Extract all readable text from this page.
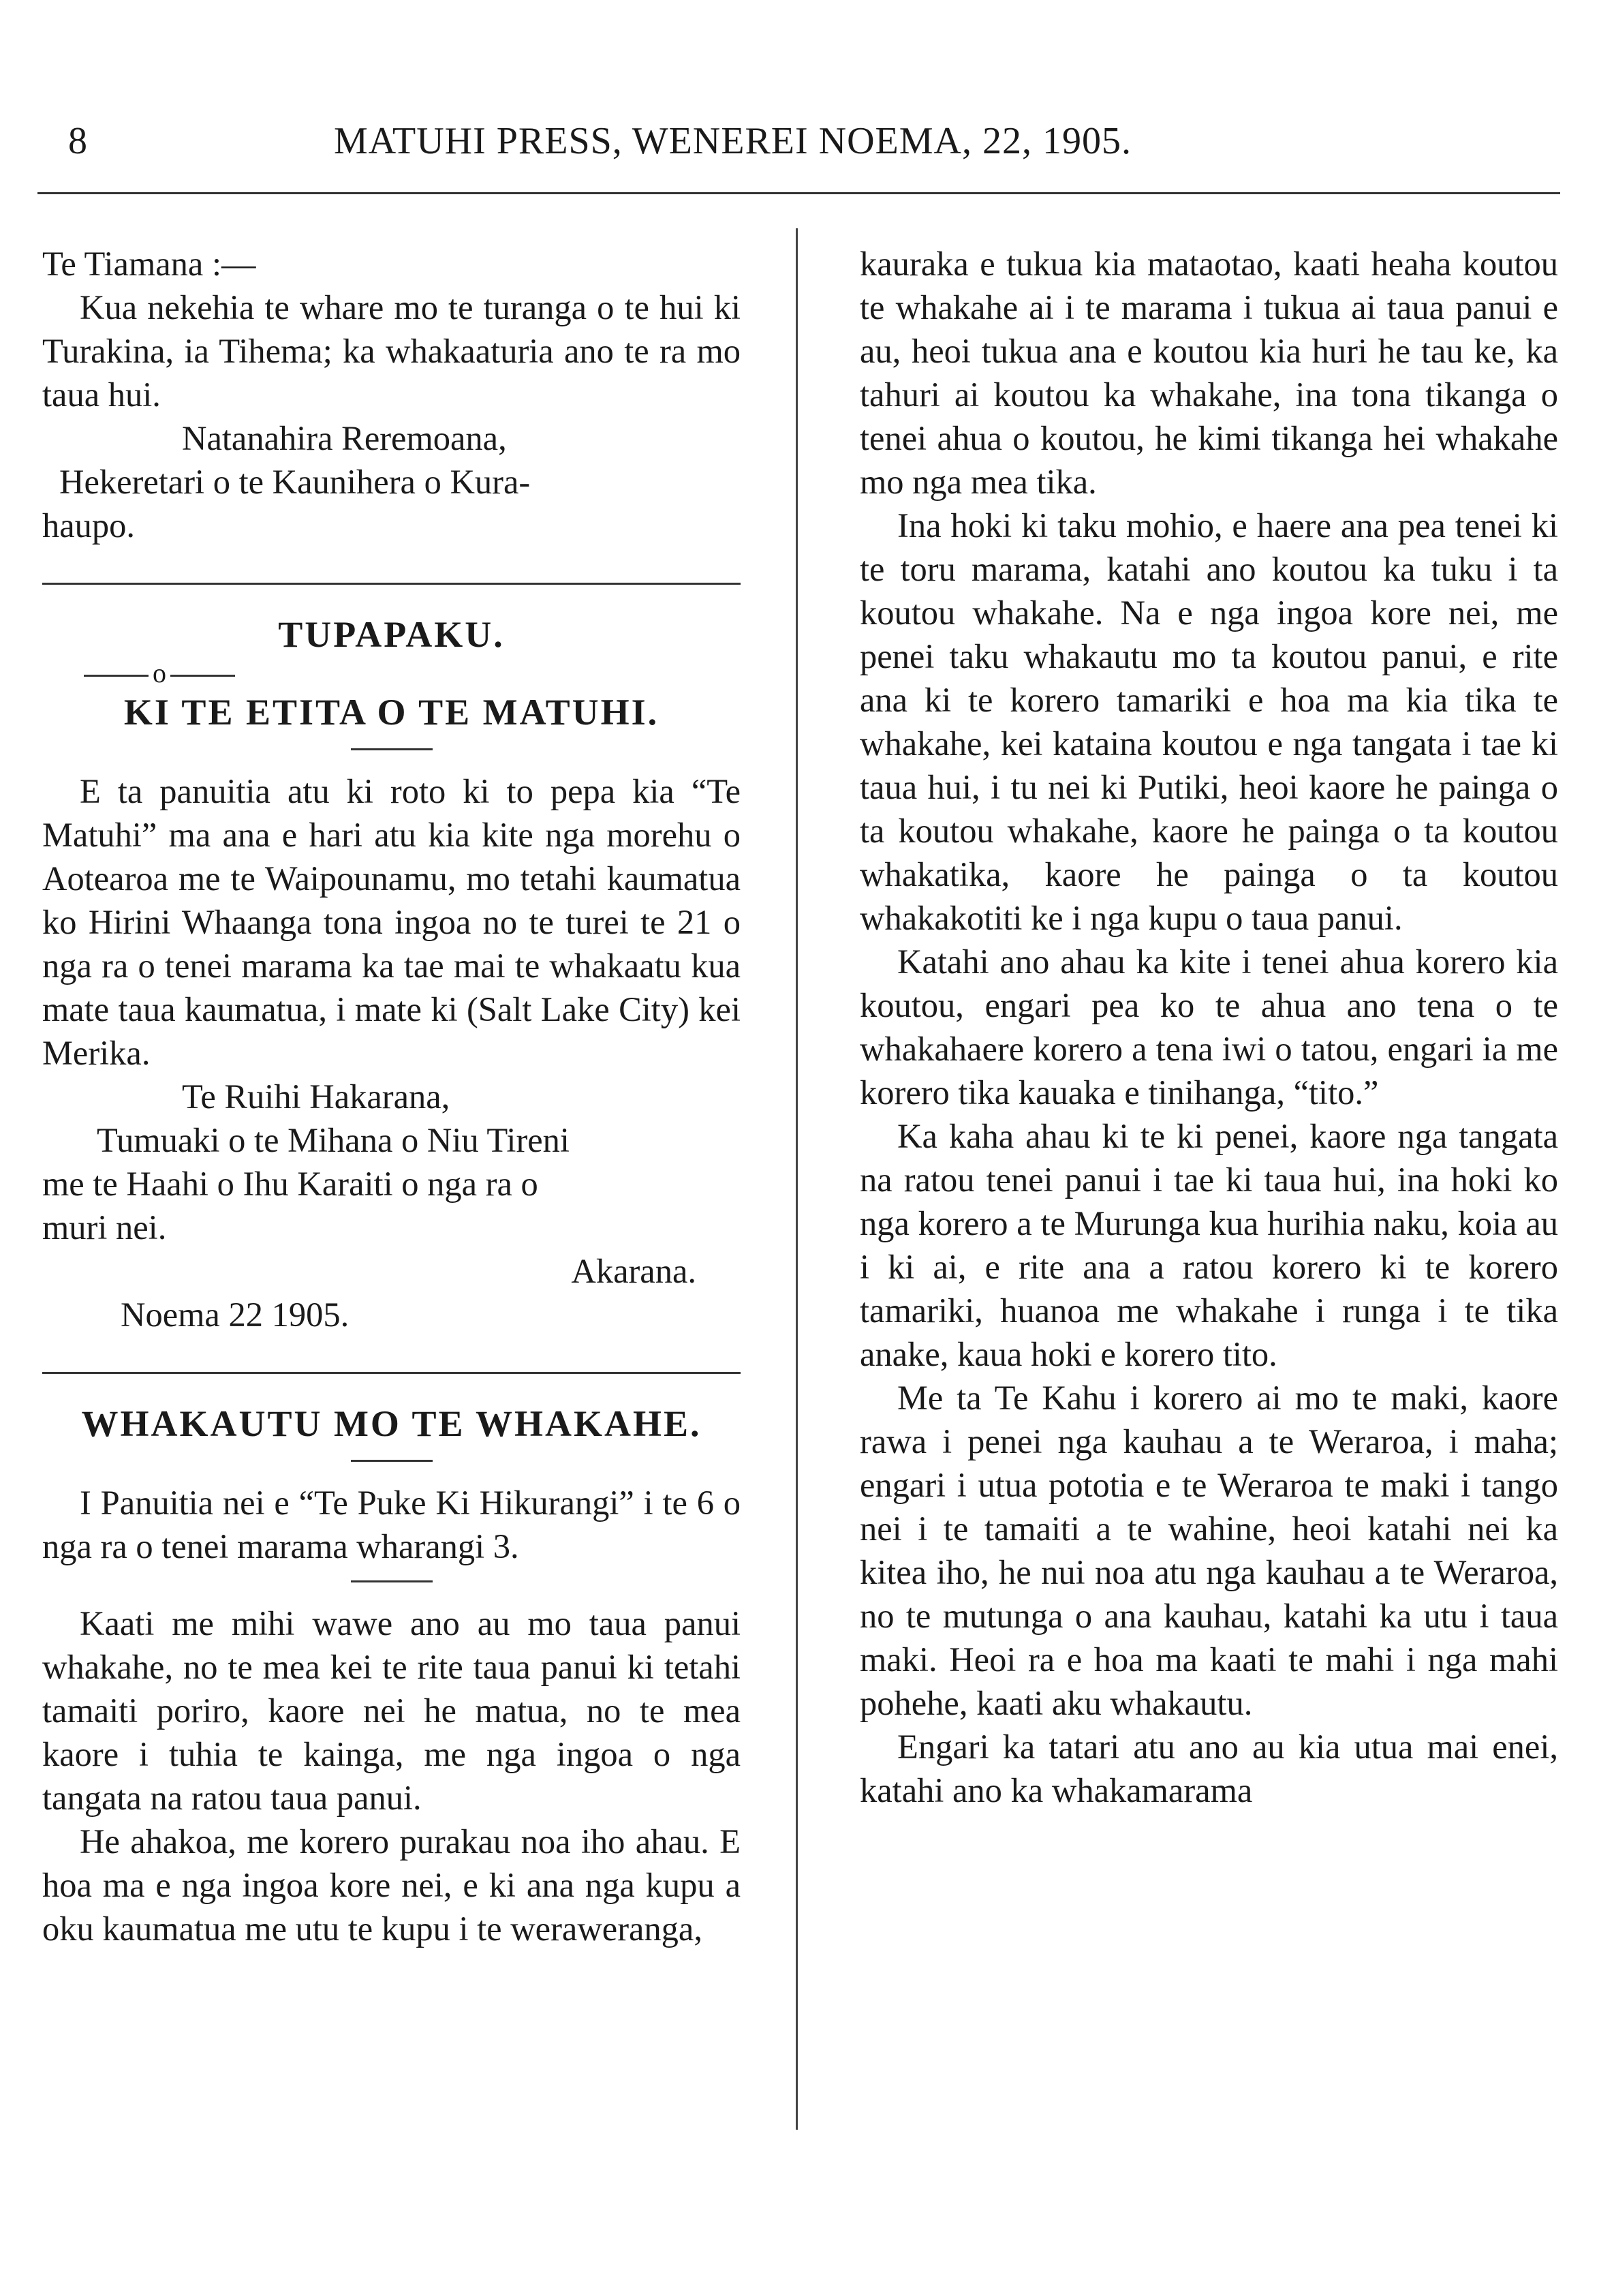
8	MATUHI PRESS, WENEREI NOEMA, 22, 1905.

Te Tiamana :—

Kua nekehia te whare mo te turanga o te hui ki Turakina, ia Tihema; ka whakaaturia ano te ra mo taua hui.

Natanahira Reremoana,

Hekeretari o te Kaunihera o Kura-
haupo.
TUPAPAKU.

o

KI TE ETITA O TE MATUHI.

E ta panuitia atu ki roto ki to pepa kia “Te Matuhi” ma ana e hari atu kia kite nga morehu o Aotearoa me te Waipounamu, mo tetahi kaumatua ko Hirini Whaanga tona ingoa no te turei te 21 o nga ra o tenei marama ka tae mai te whakaatu kua mate taua kaumatua, i mate ki (Salt Lake City) kei Merika.

Te Ruihi Hakarana,

Tumuaki o te Mihana o Niu Tireni

me te Haahi o Ihu Karaiti o nga ra o

muri nei.

Akarana.

Noema 22 1905.

WHAKAUTU MO TE WHAKAHE.

I Panuitia nei e “Te Puke Ki Hikurangi” i te 6 o nga ra o tenei marama wharangi 3.

Kaati me mihi wawe ano au mo taua panui whakahe, no te mea kei te rite taua panui ki tetahi tamaiti poriro, kaore nei he matua, no te mea kaore i tuhia te kainga, me nga ingoa o nga tangata na ratou taua panui.

He ahakoa, me korero purakau noa iho ahau. E hoa ma e nga ingoa kore nei, e ki ana nga kupu a oku kaumatua me utu te kupu i te weraweranga,

kauraka e tukua kia mataotao, kaati heaha koutou te whakahe ai i te marama i tukua ai taua panui e au, heoi tukua ana e koutou kia huri he tau ke, ka tahuri ai koutou ka whakahe, ina tona tikanga o tenei ahua o koutou, he kimi tikanga hei whakahe mo nga mea tika.

Ina hoki ki taku mohio, e haere ana pea tenei ki te toru marama, katahi ano koutou ka tuku i ta koutou whakahe. Na e nga ingoa kore nei, me penei taku whakautu mo ta koutou panui, e rite ana ki te korero tamariki e hoa ma kia tika te whakahe, kei kataina koutou e nga tangata i tae ki taua hui, i tu nei ki Putiki, heoi kaore he painga o ta koutou whakahe, kaore he painga o ta koutou whakatika, kaore he painga o ta koutou whakakotiti ke i nga kupu o taua panui.

Katahi ano ahau ka kite i tenei ahua korero kia koutou, engari pea ko te ahua ano tena o te whakahaere korero a tena iwi o tatou, engari ia me korero tika kauaka e tinihanga, “tito.”

Ka kaha ahau ki te ki penei, kaore nga tangata na ratou tenei panui i tae ki taua hui, ina hoki ko nga korero a te Murunga kua hurihia naku, koia au i ki ai, e rite ana a ratou korero ki te korero tamariki, huanoa me whakahe i runga i te tika anake, kaua hoki e korero tito.

Me ta Te Kahu i korero ai mo te maki, kaore rawa i penei nga kauhau a te Weraroa, i maha; engari i utua pototia e te Weraroa te maki i tango nei i te tamaiti a te wahine, heoi katahi nei ka kitea iho, he nui noa atu nga kauhau a te Weraroa, no te mutunga o ana kauhau, katahi ka utu i taua maki. Heoi ra e hoa ma kaati te mahi i nga mahi pohehe, kaati aku whakautu.

Engari ka tatari atu ano au kia utua mai enei, katahi ano ka whakamarama
